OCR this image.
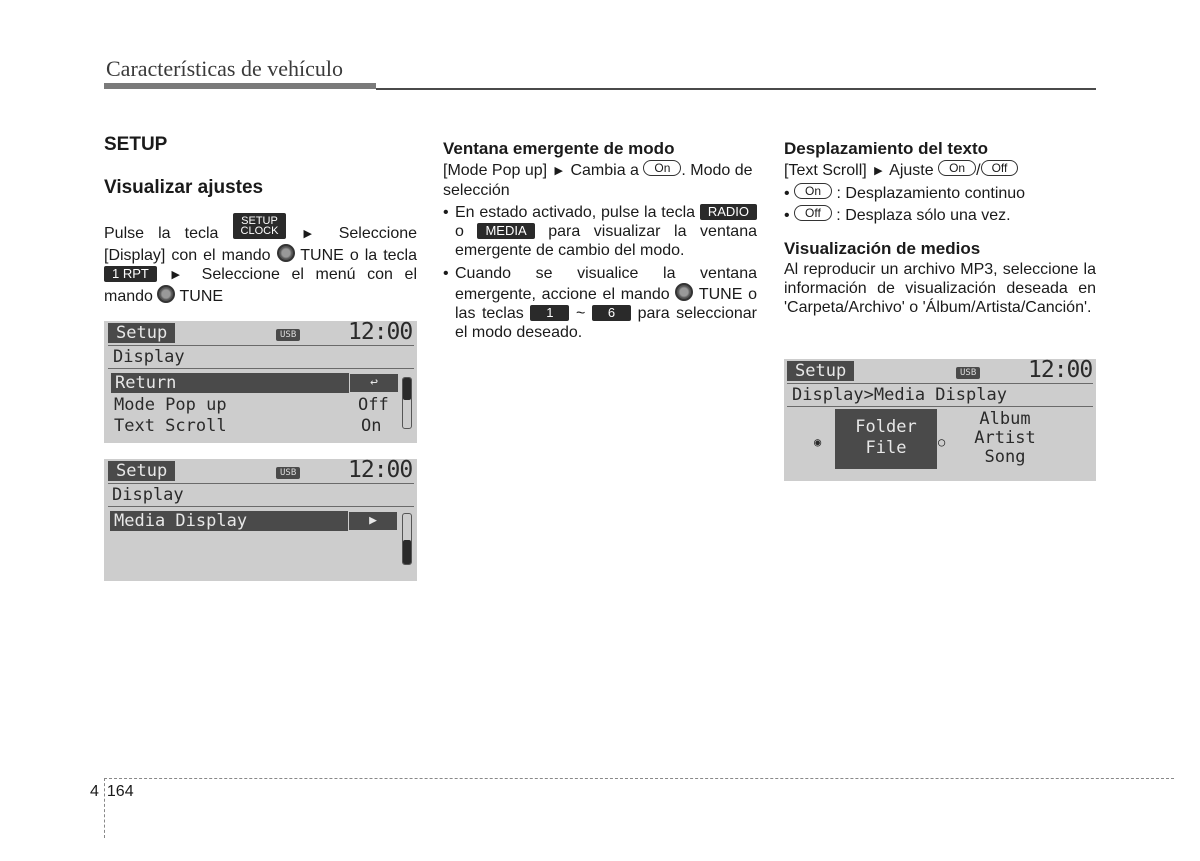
Características de vehículo
SETUP
Visualizar ajustes

Pulse la tecla SETUP
CLOCK ▶ Seleccione [Display] con el mando TUNE o la tecla 1 RPT ▶ Seleccione el menú con el mando TUNE

Setup	USB 12:00
Display
Return	↩
Mode Pop up	Off
Text Scroll	On
Setup	USB 12:00
Display
Media Display	▶
Ventana emergente de modo

[Mode Pop up] ▶ Cambia a On . Modo de selección

• En estado activado, pulse la tecla RADIO o MEDIA para visualizar la ventana emergente de cambio del modo.
• Cuando se visualice la ventana emergente, accione el mando TUNE o las teclas 1 ~ 6 para seleccionar el modo deseado.
Desplazamiento del texto

[Text Scroll] ▶ Ajuste On / Off

• On : Desplazamiento continuo

• Off : Desplaza sólo una vez.

Visualización de medios

Al reproducir un archivo MP3, seleccione la información de visualización deseada en 'Carpeta/Archivo' o 'Álbum/Artista/Canción'.

Setup	USB 12:00
Display>Media Display
◉
Folder
File	○
Album
Artist
Song
4 164
